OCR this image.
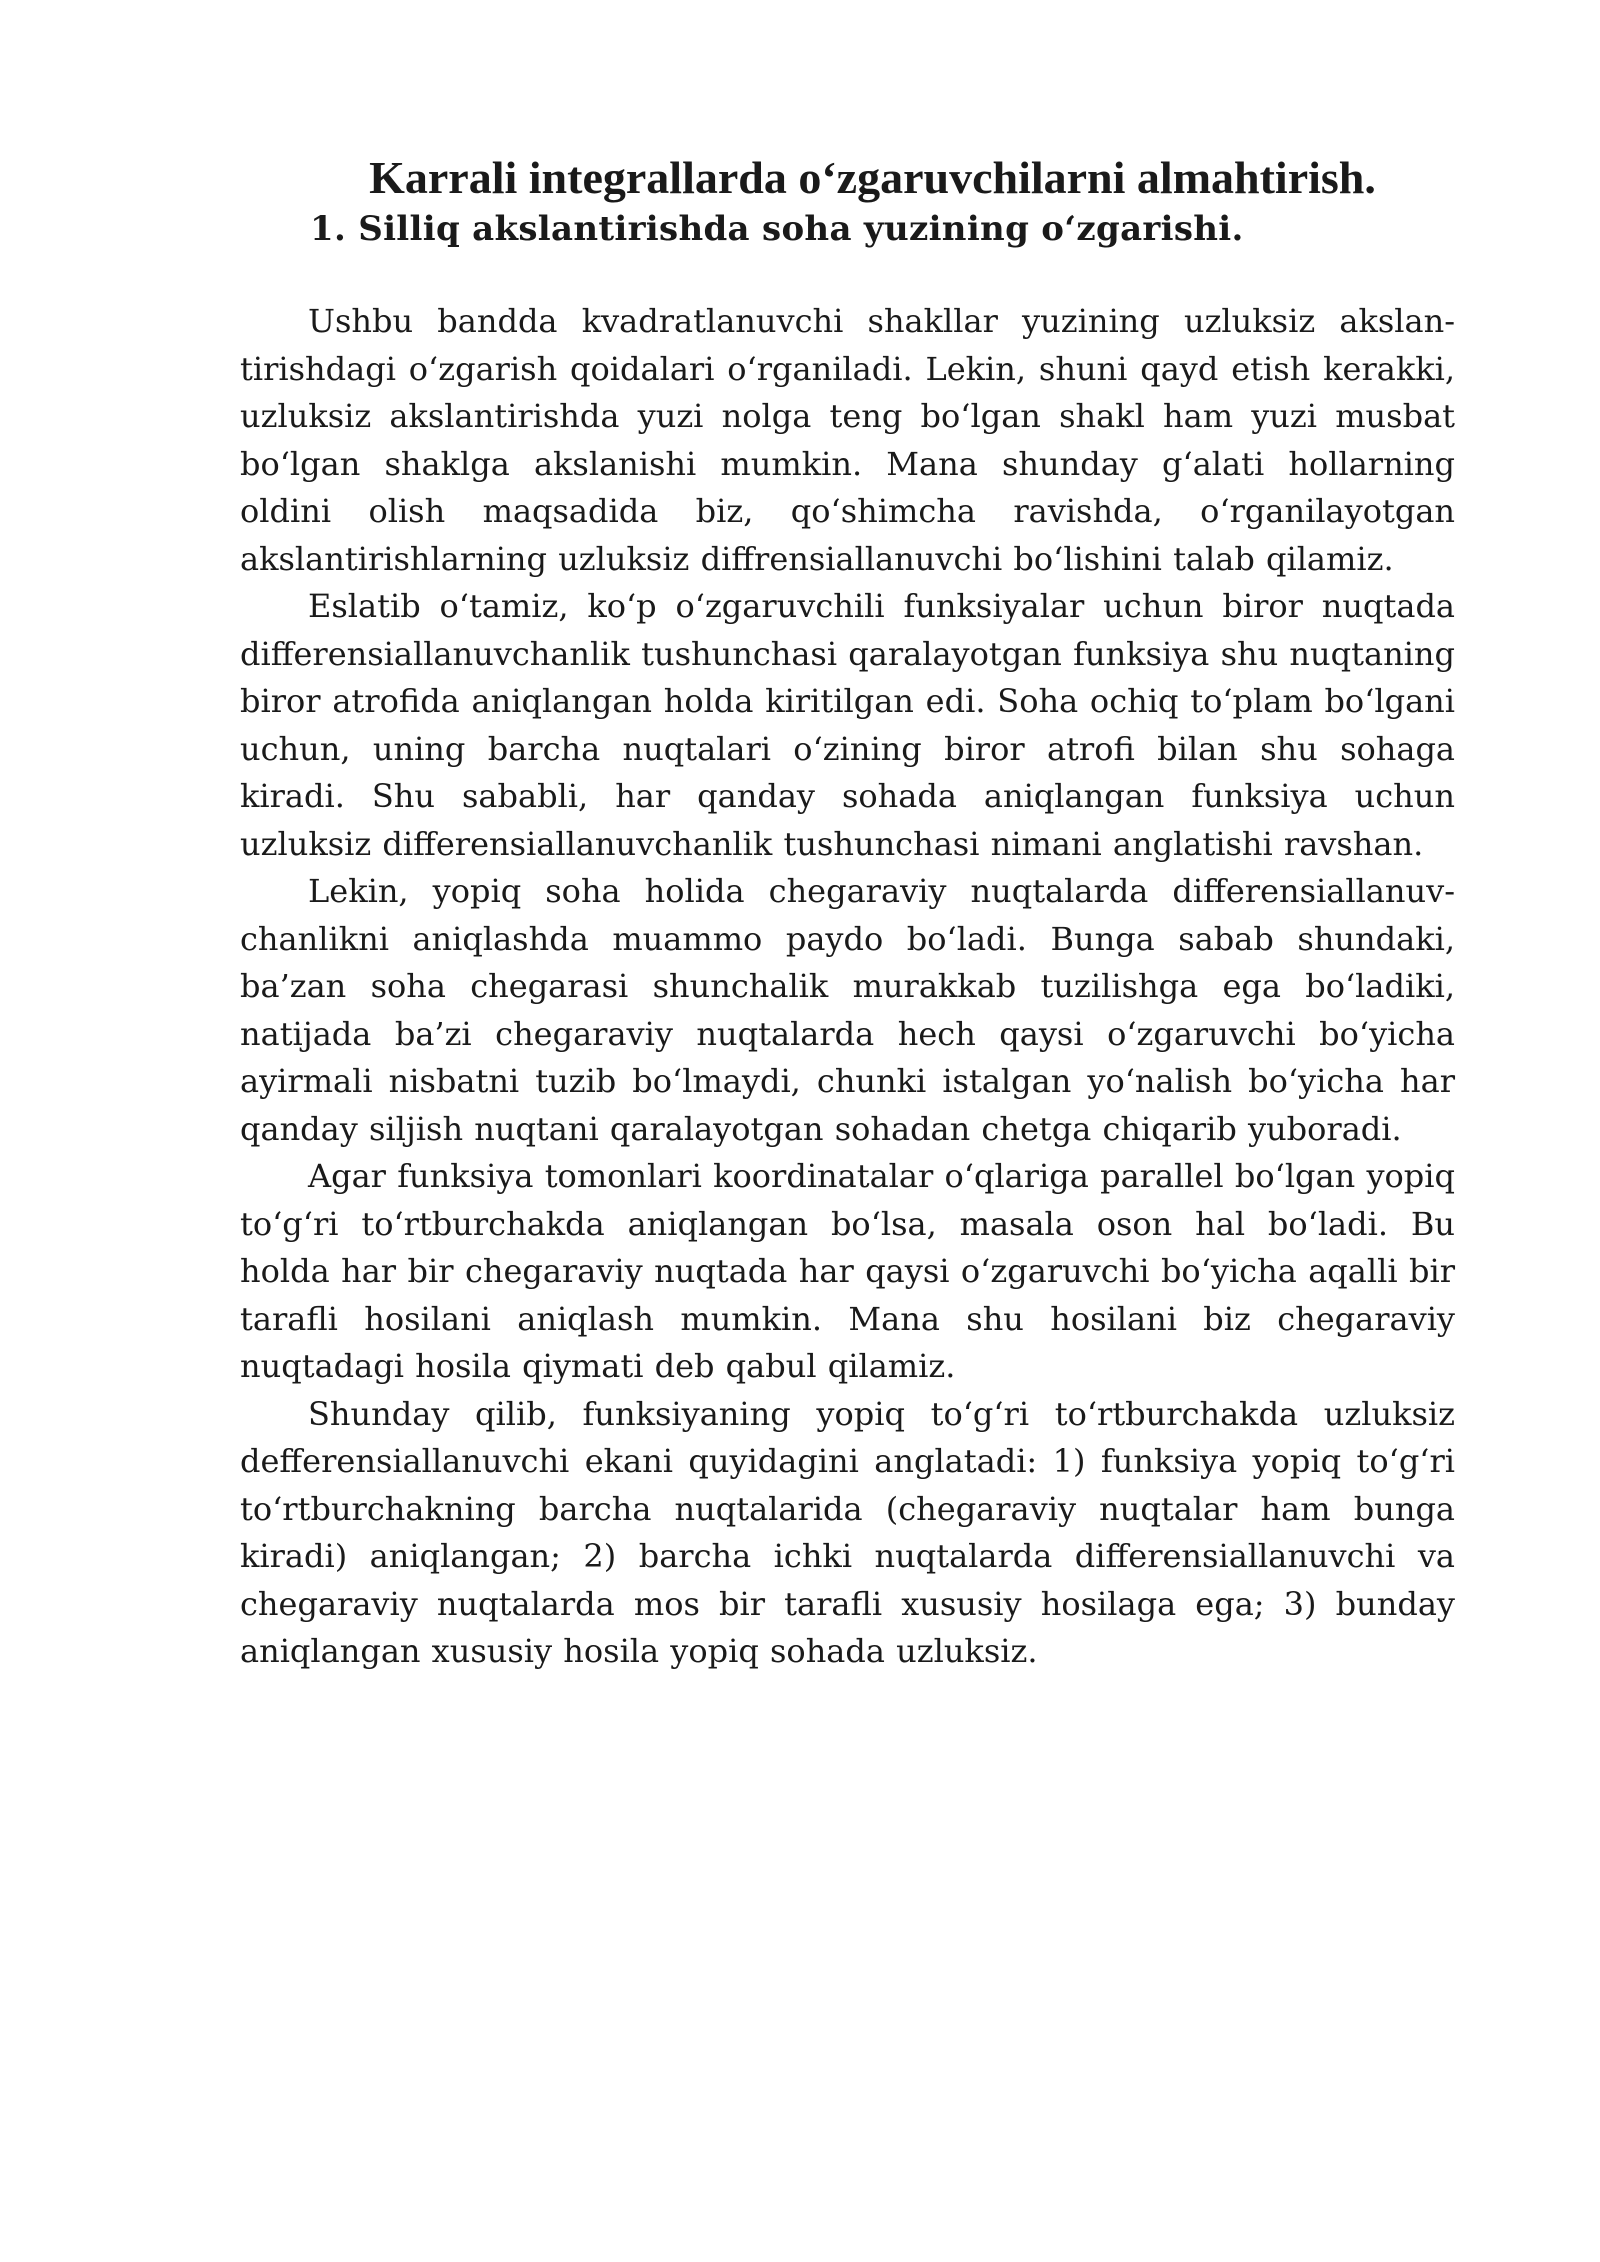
Karrali integrallarda o‘zgaruvchilarni almahtirish.
1. Silliq akslantirishda soha yuzining o‘zgarishi.

Ushbu bandda kvadratlanuvchi shakllar yuzining uzluksiz akslantirishdagi o‘zgarish qoidalari o‘rganiladi. Lekin, shuni qayd etish kerakki, uzluksiz akslantirishda yuzi nolga teng bo‘lgan shakl ham yuzi musbat bo‘lgan shaklga akslanishi mumkin. Mana shunday g‘alati hollarning oldini olish maqsadida biz, qo‘shimcha ravishda, o‘rganilayotgan akslantirishlarning uzluksiz diffrensiallanuvchi bo‘lishini talab qilamiz.

Eslatib o‘tamiz, ko‘p o‘zgaruvchili funksiyalar uchun biror nuqtada differensiallanuvchanlik tushunchasi qaralayotgan funksiya shu nuqtaning biror atrofida aniqlangan holda kiritilgan edi. Soha ochiq to‘plam bo‘lgani uchun, uning barcha nuqtalari o‘zining biror atrofi bilan shu sohaga kiradi. Shu sababli, har qanday sohada aniqlangan funksiya uchun uzluksiz differensiallanuvchanlik tushunchasi nimani anglatishi ravshan.

Lekin, yopiq soha holida chegaraviy nuqtalarda differensiallanuvchanlikni aniqlashda muammo paydo bo‘ladi. Bunga sabab shundaki, ba’zan soha chegarasi shunchalik murakkab tuzilishga ega bo‘ladiki, natijada ba’zi chegaraviy nuqtalarda hech qaysi o‘zgaruvchi bo‘yicha ayirmali nisbatni tuzib bo‘lmaydi, chunki istalgan yo‘nalish bo‘yicha har qanday siljish nuqtani qaralayotgan sohadan chetga chiqarib yuboradi.

Agar funksiya tomonlari koordinatalar o‘qlariga parallel bo‘lgan yopiq to‘g‘ri to‘rtburchakda aniqlangan bo‘lsa, masala oson hal bo‘ladi. Bu holda har bir chegaraviy nuqtada har qaysi o‘zgaruvchi bo‘yicha aqalli bir tarafli hosilani aniqlash mumkin. Mana shu hosilani biz chegaraviy nuqtadagi hosila qiymati deb qabul qilamiz.

Shunday qilib, funksiyaning yopiq to‘g‘ri to‘rtburchakda uzluksiz defferensiallanuvchi ekani quyidagini anglatadi: 1) funksiya yopiq to‘g‘ri to‘rtburchakning barcha nuqtalarida (chegaraviy nuqtalar ham bunga kiradi) aniqlangan; 2) barcha ichki nuqtalarda differensiallanuvchi va chegaraviy nuqtalarda mos bir tarafli xususiy hosilaga ega; 3) bunday aniqlangan xususiy hosila yopiq sohada uzluksiz.
